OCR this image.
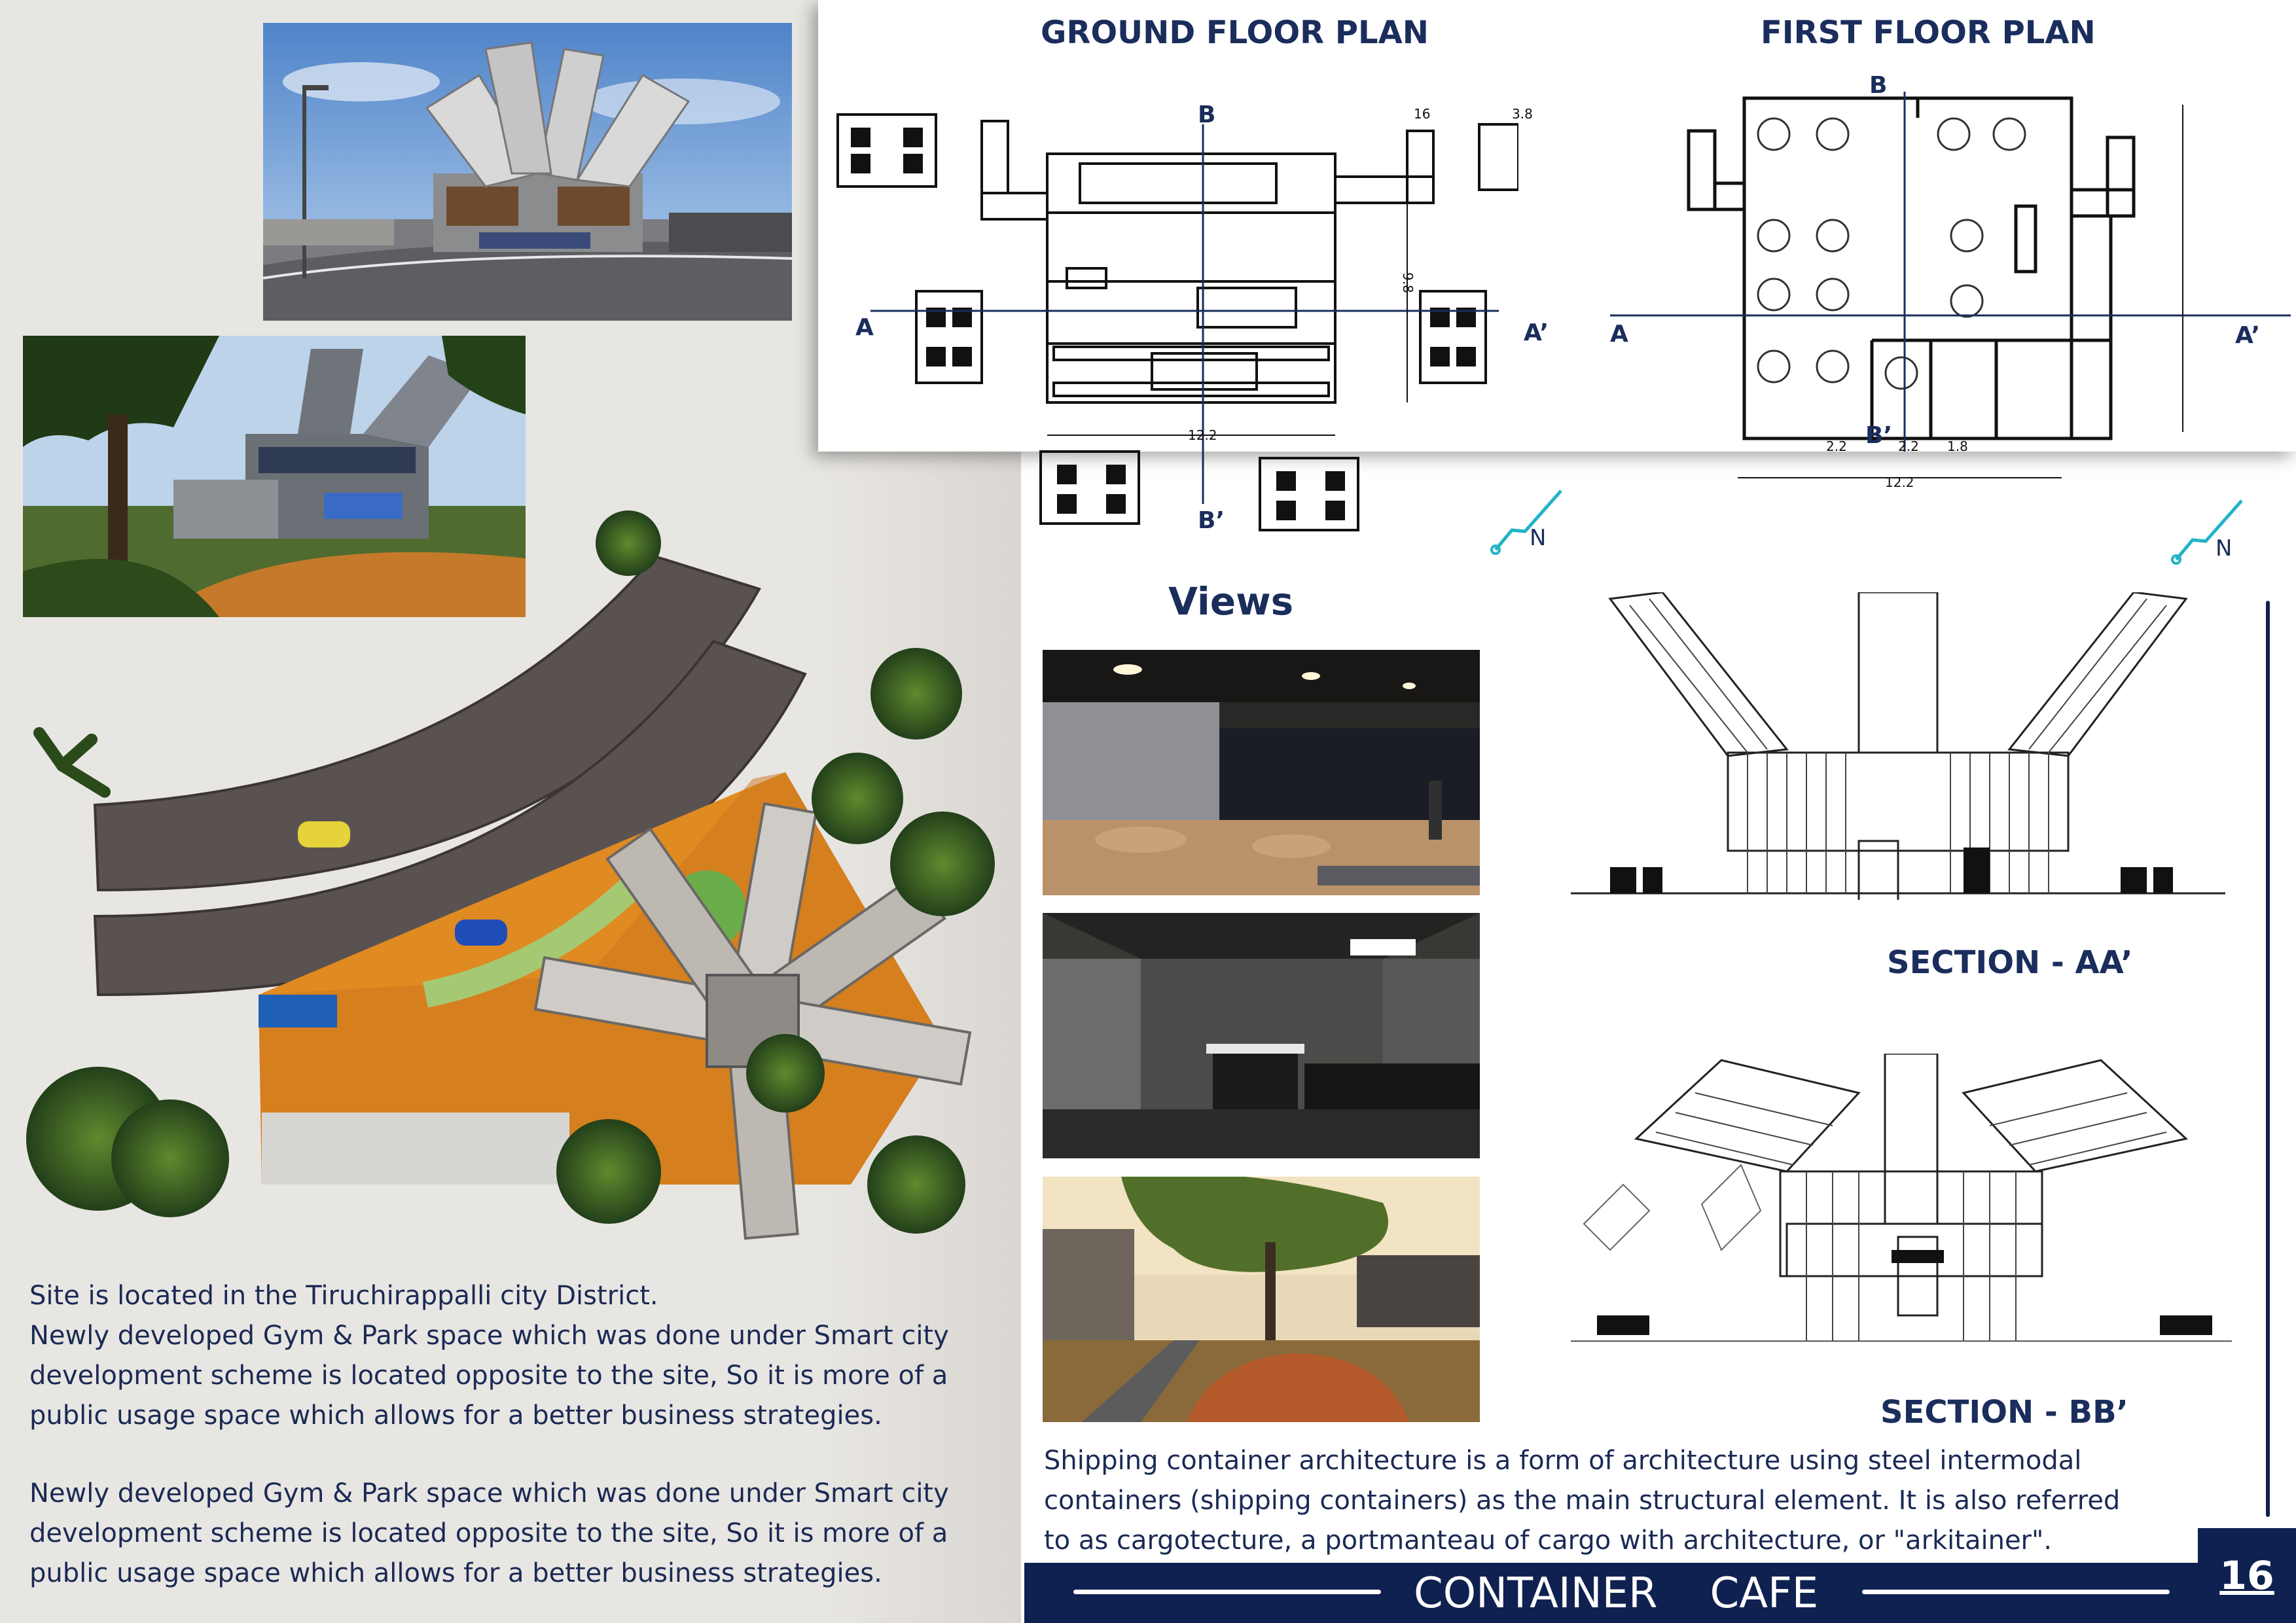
Site is located in the Tiruchirappalli city District.
Newly developed Gym & Park space which was done under Smart city
development scheme is located opposite to the site, So it is more of a
public usage space which allows for a better business strategies.
Newly developed Gym & Park space which was done under Smart city
development scheme is located opposite to the site, So it is more of a
public usage space which allows for a better business strategies.
GROUND FLOOR PLAN
B
B’
A	A’
12.2
9.8
3.8
16
N
FIRST FLOOR PLAN
B
B’
A	A’
2.2	2.2 1.8
12.2
N
Views
SECTION - AA’
SECTION - BB’
Shipping container architecture is a form of architecture using steel intermodal
containers (shipping containers) as the main structural element. It is also referred
to as cargotecture, a portmanteau of cargo with architecture, or "arkitainer".
CONTAINER CAFE	16
